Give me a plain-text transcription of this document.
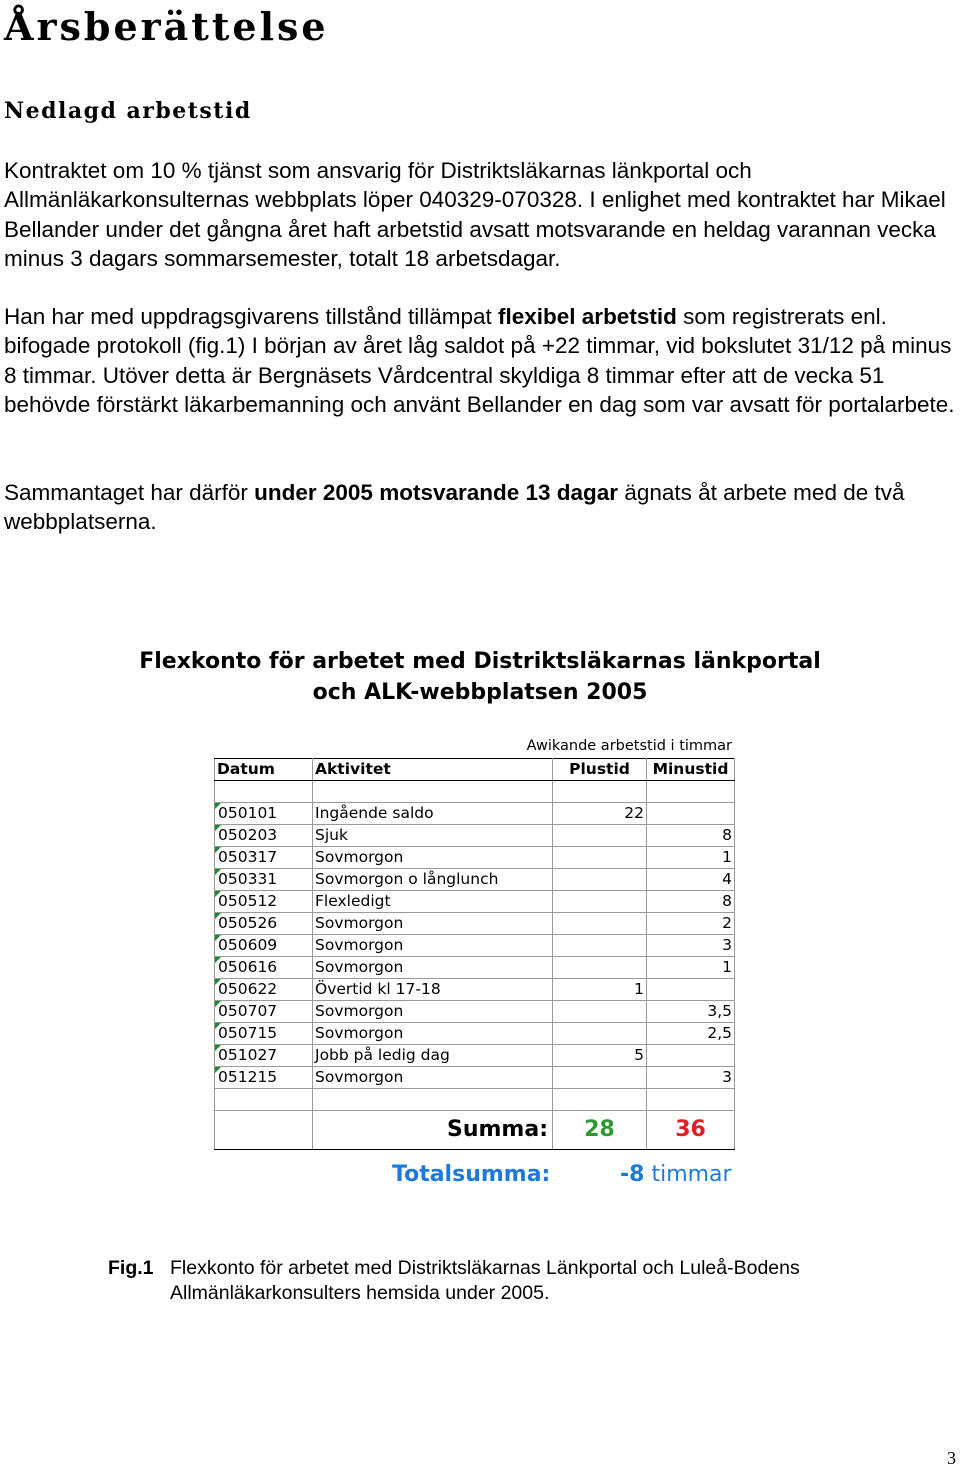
Årsberättelse
Nedlagd arbetstid

Kontraktet om 10 % tjänst som ansvarig för Distriktsläkarnas länkportal och Allmänläkarkonsulternas webbplats löper 040329-070328. I enlighet med kontraktet har Mikael Bellander under det gångna året haft arbetstid avsatt motsvarande en heldag varannan vecka minus 3 dagars sommarsemester, totalt 18 arbetsdagar.

Han har med uppdragsgivarens tillstånd tillämpat flexibel arbetstid som registrerats enl. bifogade protokoll (fig.1) I början av året låg saldot på +22 timmar, vid bokslutet 31/12 på minus 8 timmar. Utöver detta är Bergnäsets Vårdcentral skyldiga 8 timmar efter att de vecka 51 behövde förstärkt läkarbemanning och använt Bellander en dag som var avsatt för portalarbete.

Sammantaget har därför under 2005 motsvarande 13 dagar ägnats åt arbete med de två webbplatserna.

Flexkonto för arbetet med Distriktsläkarnas länkportal
och ALK-webbplatsen 2005
Awikande arbetstid i timmar
Datum	Aktivitet	Plustid	Minustid

050101	Ingående saldo	22	
050203	Sjuk		8
050317	Sovmorgon		1
050331	Sovmorgon o långlunch		4
050512	Flexledigt		8
050526	Sovmorgon		2
050609	Sovmorgon		3
050616	Sovmorgon		1
050622	Övertid kl 17-18	1	
050707	Sovmorgon		3,5
050715	Sovmorgon		2,5
051027	Jobb på ledig dag	5	
051215	Sovmorgon		3

	Summa:	28	36
Totalsumma:	-8 timmar
Fig.1 Flexkonto för arbetet med Distriktsläkarnas Länkportal och Luleå-Bodens
Allmänläkarkonsulters hemsida under 2005.
3
